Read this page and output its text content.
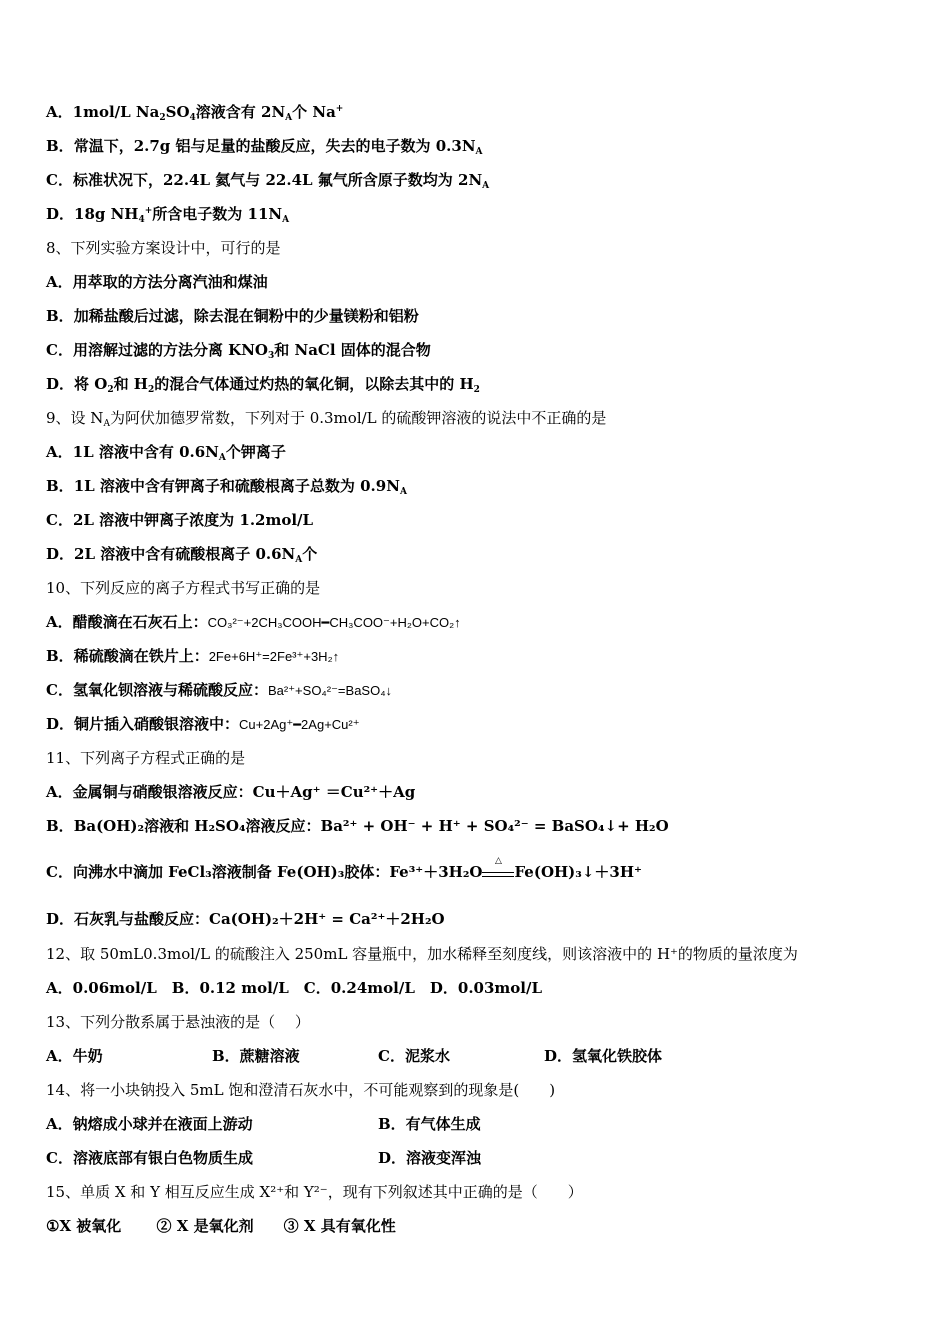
A．1mol/L $Na_2SO_4$溶液含有 $2N_A$个 Na+
B．常温下，2.7g 铝与足量的盐酸反应，失去的电子数为 $0.3N_A$
C．标准状况下，22.4L 氦气与 22.4L 氟气所含原子数均为 $2N_A$
D．18g $NH_4^+$所含电子数为 $11N_A$
8、下列实验方案设计中，可行的是
A．用萃取的方法分离汽油和煤油
B．加稀盐酸后过滤，除去混在铜粉中的少量镁粉和铝粉
C．用溶解过滤的方法分离 $KNO_3$和 NaCl 固体的混合物
D．将 $O_2$和 $H_2$的混合气体通过灼热的氧化铜，以除去其中的 $H_2$
9、设 $N_A$为阿伏加德罗常数，下列对于 0.3mol/L 的硫酸钾溶液的说法中不正确的是
A．1L 溶液中含有 $0.6N_A$个钾离子
B．1L 溶液中含有钾离子和硫酸根离子总数为 $0.9N_A$
C．2L 溶液中钾离子浓度为 1.2mol/L
D．2L 溶液中含有硫酸根离子 $0.6N_A$个
10、下列反应的离子方程式书写正确的是
A．醋酸滴在石灰石上：CO₃²⁻+2CH₃COOH━CH₃COO⁻+H₂O+CO₂↑
B．稀硫酸滴在铁片上：2Fe+6H⁺=2Fe³⁺+3H₂↑
C．氢氧化钡溶液与稀硫酸反应：Ba²⁺+SO₄²⁻=BaSO₄↓
D．铜片插入硝酸银溶液中：Cu+2Ag⁺━2Ag+Cu²⁺
11、下列离子方程式正确的是
A．金属铜与硝酸银溶液反应：Cu＋Ag⁺ ＝Cu²⁺＋Ag
B．Ba(OH)₂溶液和 H₂SO₄溶液反应：Ba²⁺ + OH⁻ + H⁺ + SO₄²⁻ = BaSO₄↓+ H₂O
C．向沸水中滴加 FeCl₃溶液制备 Fe(OH)₃胶体：Fe³⁺＋3H₂O
△
Fe(OH)₃↓＋3H⁺
D．石灰乳与盐酸反应：Ca(OH)₂＋2H⁺ = Ca²⁺＋2H₂O
12、取 50mL0.3mol/L 的硫酸注入 250mL 容量瓶中，加水稀释至刻度线，则该溶液中的 H⁺的物质的量浓度为
A．0.06mol/L　B．0.12 mol/L　C．0.24mol/L　D．0.03mol/L
13、下列分散系属于悬浊液的是（　 ）
A．牛奶	B．蔗糖溶液	C．泥浆水	D．氢氧化铁胶体
14、将一小块钠投入 5mL 饱和澄清石灰水中，不可能观察到的现象是(　　)
A．钠熔成小球并在液面上游动	B．有气体生成
C．溶液底部有银白色物质生成	D．溶液变浑浊
15、单质 X 和 Y 相互反应生成 X²⁺和 Y²⁻，现有下列叙述其中正确的是（　　）
①X 被氧化　　 ② X 是氧化剂　　③ X 具有氧化性
